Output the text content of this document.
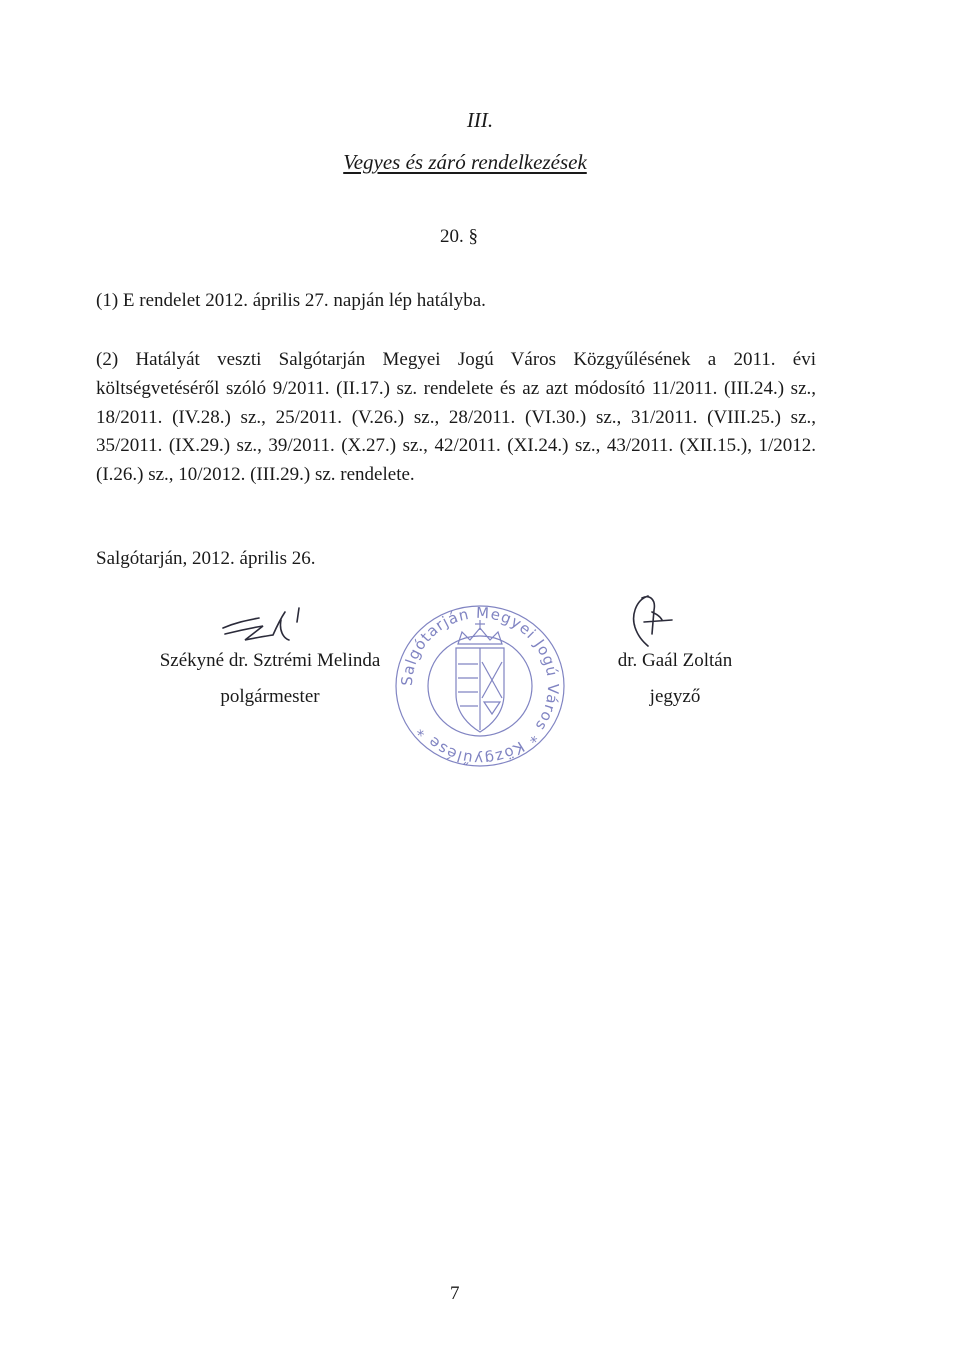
III.
Vegyes és záró rendelkezések
20. §
(1) E rendelet 2012. április 27. napján lép hatályba.
(2) Hatályát veszti Salgótarján Megyei Jogú Város Közgyűlésének a 2011. évi költségvetéséről szóló 9/2011. (II.17.) sz. rendelete és az azt módosító 11/2011. (III.24.) sz., 18/2011. (IV.28.) sz., 25/2011. (V.26.) sz., 28/2011. (VI.30.) sz., 31/2011. (VIII.25.) sz., 35/2011. (IX.29.) sz., 39/2011. (X.27.) sz., 42/2011. (XI.24.) sz., 43/2011. (XII.15.), 1/2012. (I.26.) sz., 10/2012. (III.29.) sz. rendelete.
Salgótarján, 2012. április 26.
Székyné dr. Sztrémi Melinda
polgármester
dr. Gaál Zoltán
jegyző
Salgótarján Megyei Jogú Város * Közgyűlése *
7
